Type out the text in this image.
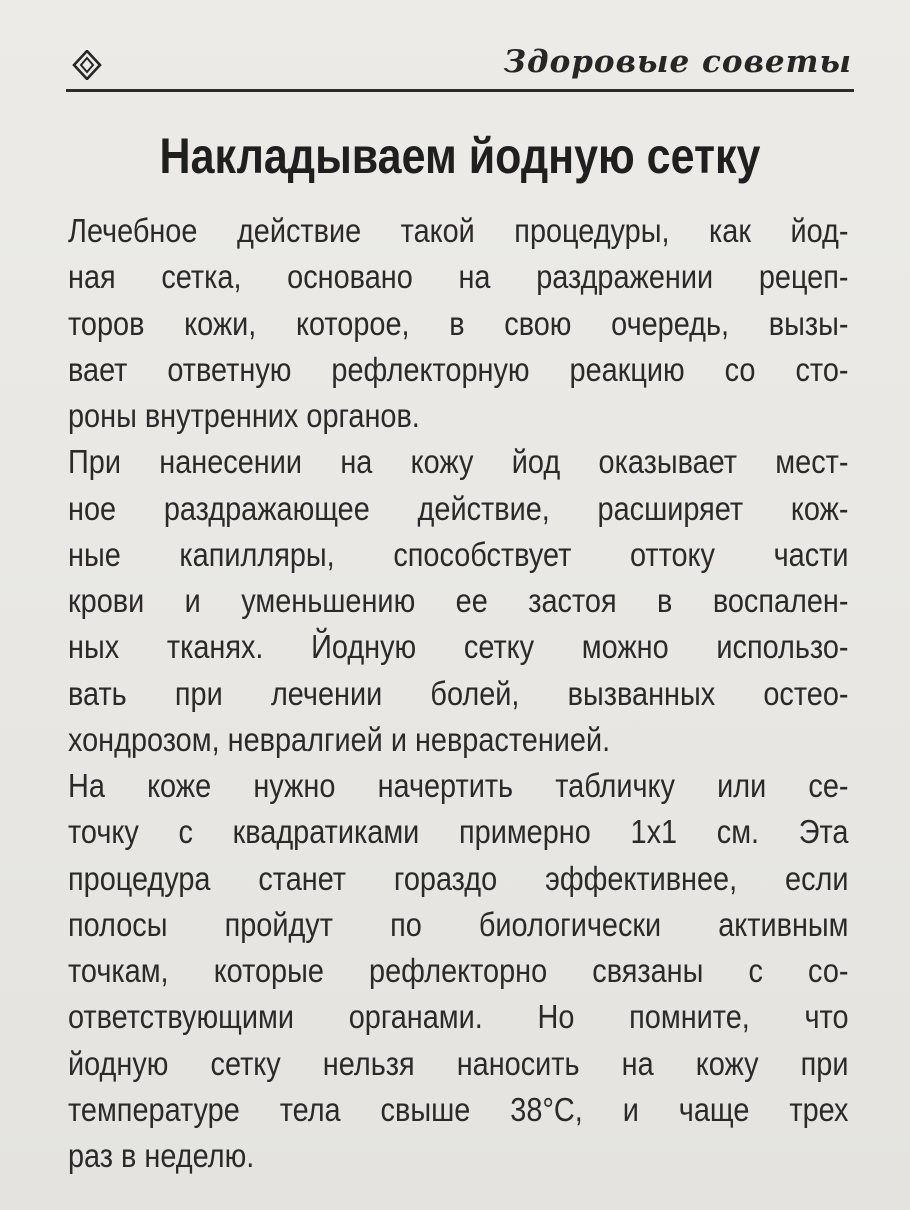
Здоровые советы
Накладываем йодную сетку
Лечебное действие такой процедуры, как йод-
ная сетка, основано на раздражении рецеп-
торов кожи, которое, в свою очередь, вызы-
вает ответную рефлекторную реакцию со сто-
роны внутренних органов.
При нанесении на кожу йод оказывает мест-
ное раздражающее действие, расширяет кож-
ные капилляры, способствует оттоку части
крови и уменьшению ее застоя в воспален-
ных тканях. Йодную сетку можно использо-
вать при лечении болей, вызванных остео-
хондрозом, невралгией и неврастенией.
На коже нужно начертить табличку или се-
точку с квадратиками примерно 1х1 см. Эта
процедура станет гораздо эффективнее, если
полосы пройдут по биологически активным
точкам, которые рефлекторно связаны с со-
ответствующими органами. Но помните, что
йодную сетку нельзя наносить на кожу при
температуре тела свыше 38°С, и чаще трех
раз в неделю.
